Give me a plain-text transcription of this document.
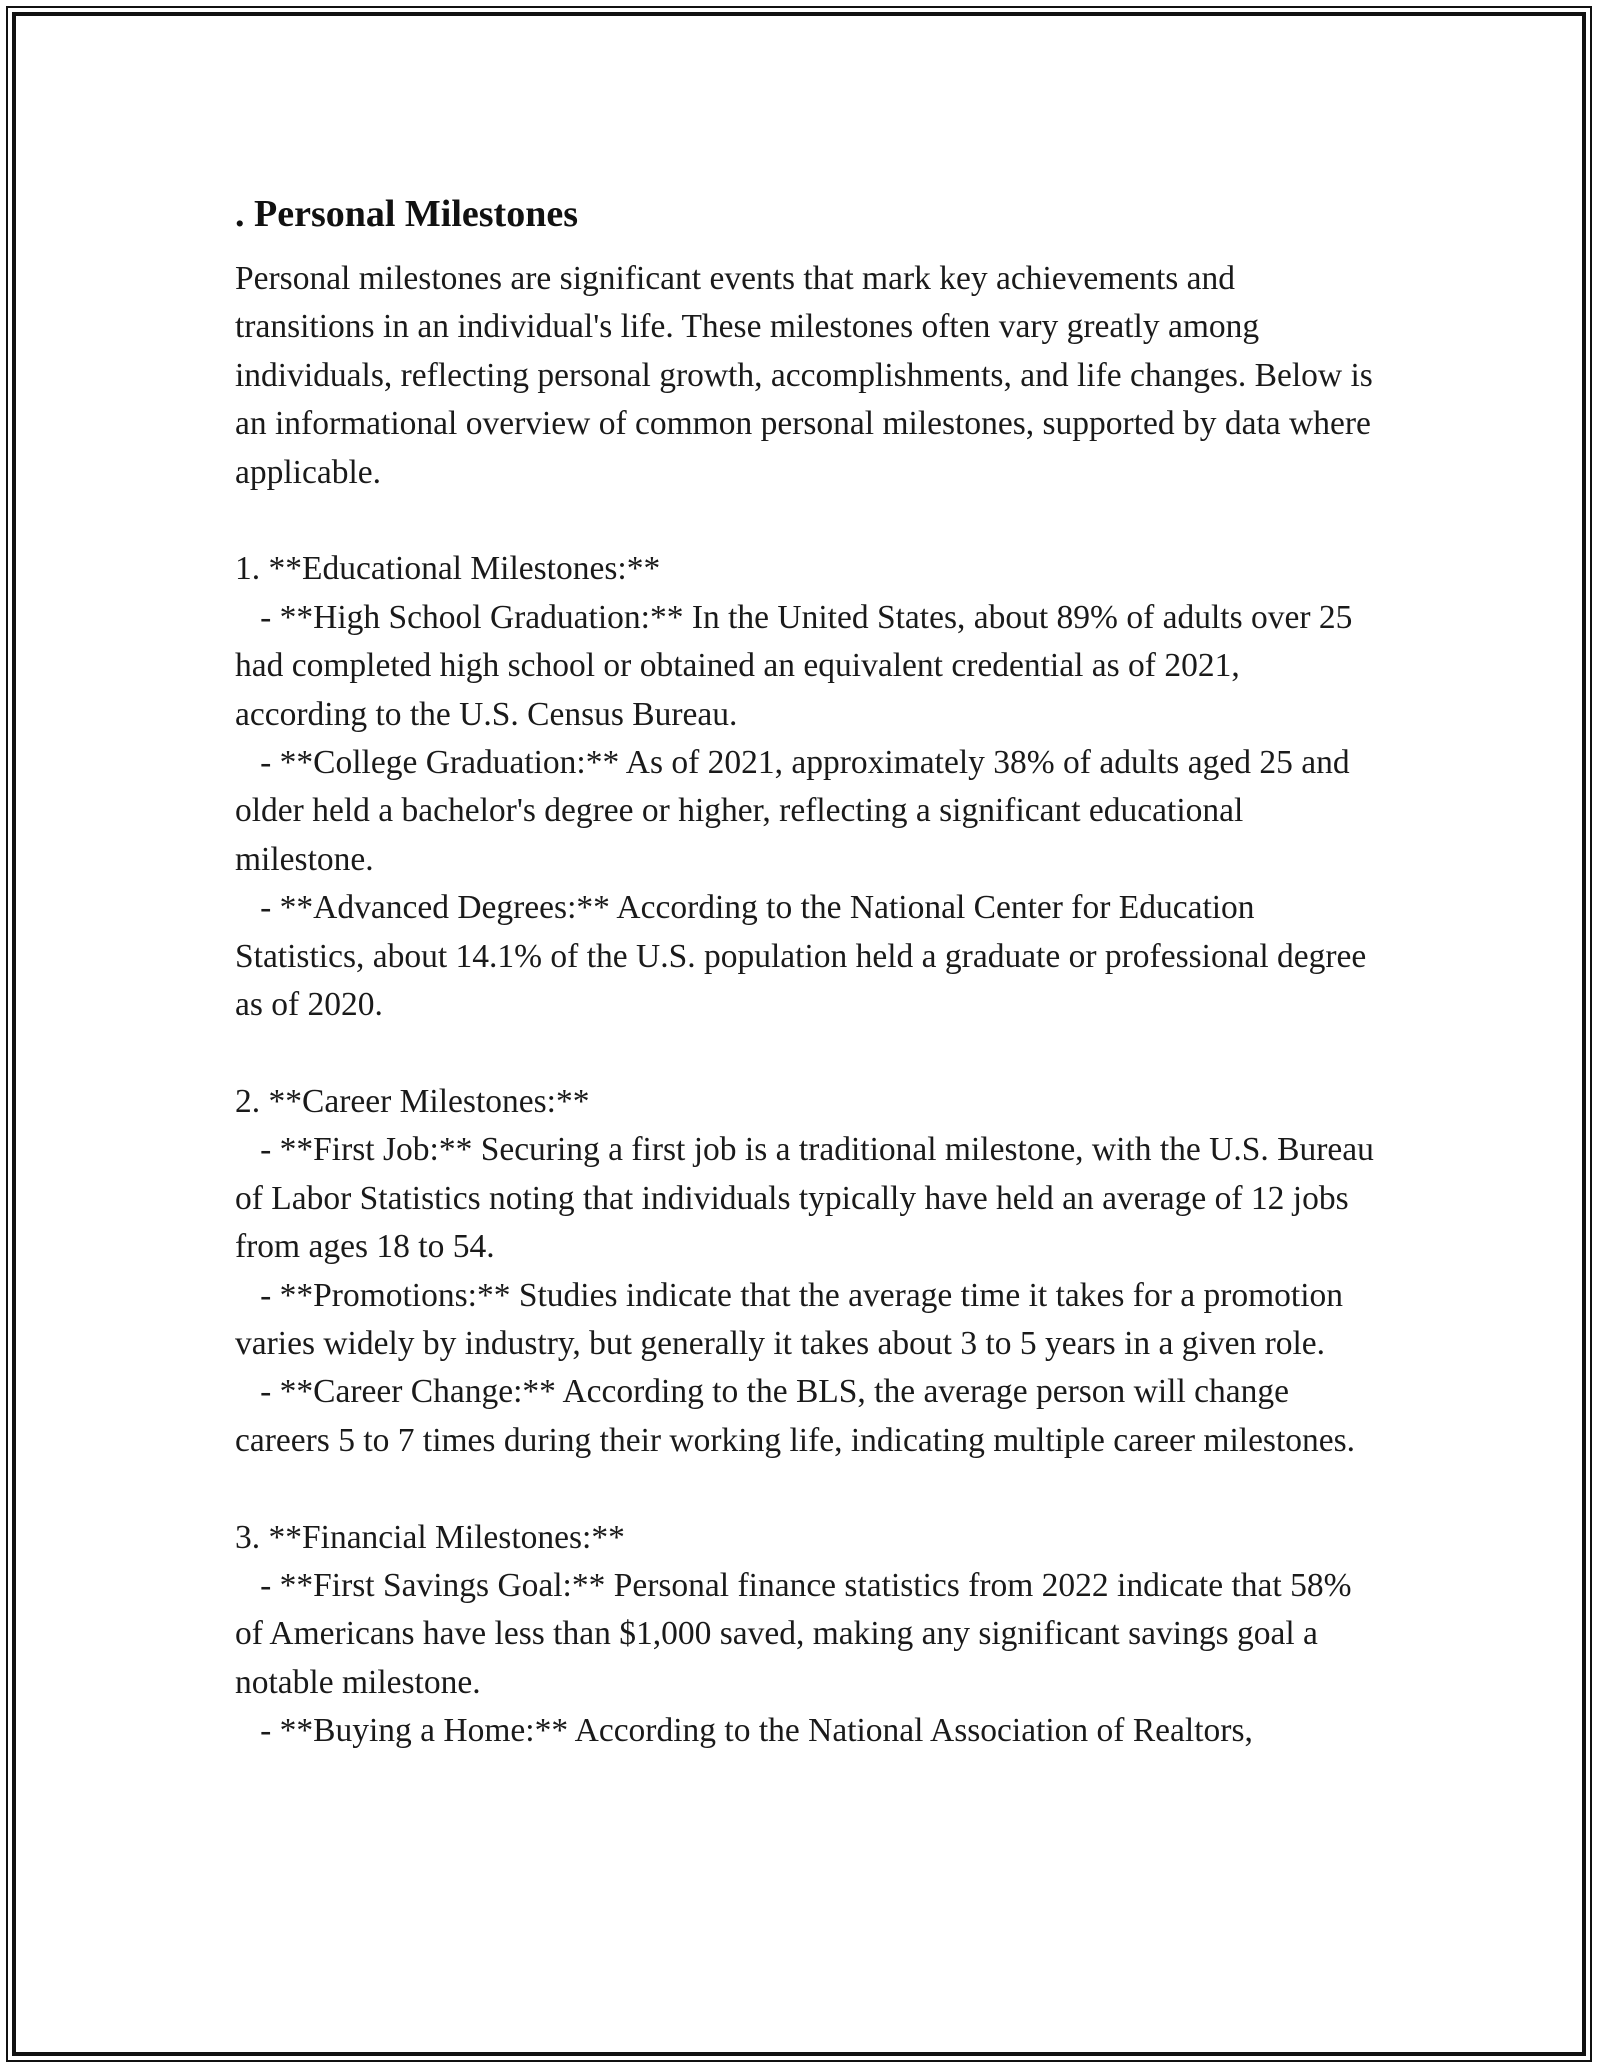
. Personal Milestones
Personal milestones are significant events that mark key achievements and transitions in an individual's life. These milestones often vary greatly among individuals, reflecting personal growth, accomplishments, and life changes. Below is an informational overview of common personal milestones, supported by data where applicable.

1. **Educational Milestones:**
- **High School Graduation:** In the United States, about 89% of adults over 25 had completed high school or obtained an equivalent credential as of 2021, according to the U.S. Census Bureau.
- **College Graduation:** As of 2021, approximately 38% of adults aged 25 and older held a bachelor's degree or higher, reflecting a significant educational milestone.
- **Advanced Degrees:** According to the National Center for Education Statistics, about 14.1% of the U.S. population held a graduate or professional degree as of 2020.

2. **Career Milestones:**
- **First Job:** Securing a first job is a traditional milestone, with the U.S. Bureau of Labor Statistics noting that individuals typically have held an average of 12 jobs from ages 18 to 54.
- **Promotions:** Studies indicate that the average time it takes for a promotion varies widely by industry, but generally it takes about 3 to 5 years in a given role.
- **Career Change:** According to the BLS, the average person will change careers 5 to 7 times during their working life, indicating multiple career milestones.

3. **Financial Milestones:**
- **First Savings Goal:** Personal finance statistics from 2022 indicate that 58% of Americans have less than $1,000 saved, making any significant savings goal a notable milestone.
- **Buying a Home:** According to the National Association of Realtors,
